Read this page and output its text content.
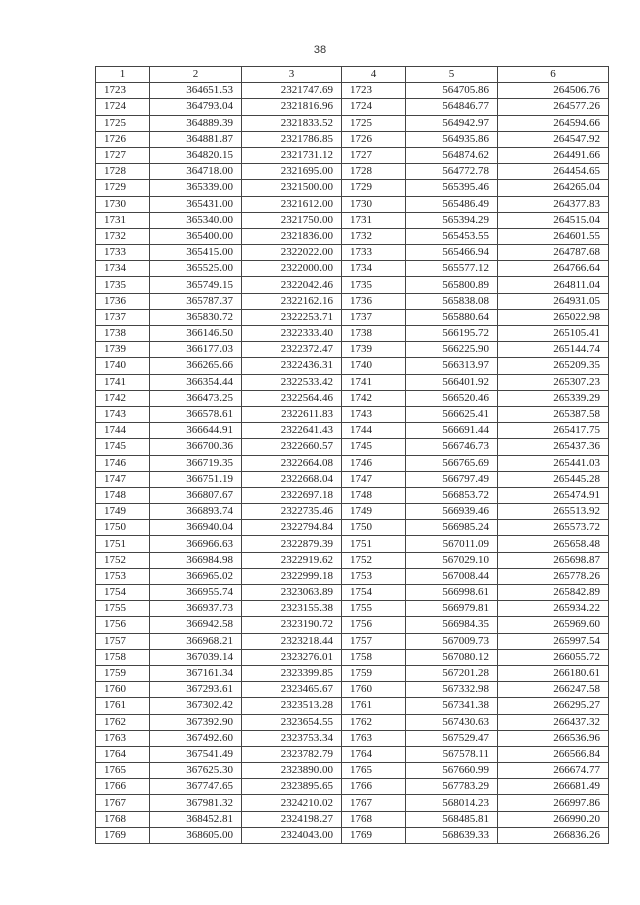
38
1	2	3	4	5	6
1723	364651.53	2321747.69	1723	564705.86	264506.76
1724	364793.04	2321816.96	1724	564846.77	264577.26
1725	364889.39	2321833.52	1725	564942.97	264594.66
1726	364881.87	2321786.85	1726	564935.86	264547.92
1727	364820.15	2321731.12	1727	564874.62	264491.66
1728	364718.00	2321695.00	1728	564772.78	264454.65
1729	365339.00	2321500.00	1729	565395.46	264265.04
1730	365431.00	2321612.00	1730	565486.49	264377.83
1731	365340.00	2321750.00	1731	565394.29	264515.04
1732	365400.00	2321836.00	1732	565453.55	264601.55
1733	365415.00	2322022.00	1733	565466.94	264787.68
1734	365525.00	2322000.00	1734	565577.12	264766.64
1735	365749.15	2322042.46	1735	565800.89	264811.04
1736	365787.37	2322162.16	1736	565838.08	264931.05
1737	365830.72	2322253.71	1737	565880.64	265022.98
1738	366146.50	2322333.40	1738	566195.72	265105.41
1739	366177.03	2322372.47	1739	566225.90	265144.74
1740	366265.66	2322436.31	1740	566313.97	265209.35
1741	366354.44	2322533.42	1741	566401.92	265307.23
1742	366473.25	2322564.46	1742	566520.46	265339.29
1743	366578.61	2322611.83	1743	566625.41	265387.58
1744	366644.91	2322641.43	1744	566691.44	265417.75
1745	366700.36	2322660.57	1745	566746.73	265437.36
1746	366719.35	2322664.08	1746	566765.69	265441.03
1747	366751.19	2322668.04	1747	566797.49	265445.28
1748	366807.67	2322697.18	1748	566853.72	265474.91
1749	366893.74	2322735.46	1749	566939.46	265513.92
1750	366940.04	2322794.84	1750	566985.24	265573.72
1751	366966.63	2322879.39	1751	567011.09	265658.48
1752	366984.98	2322919.62	1752	567029.10	265698.87
1753	366965.02	2322999.18	1753	567008.44	265778.26
1754	366955.74	2323063.89	1754	566998.61	265842.89
1755	366937.73	2323155.38	1755	566979.81	265934.22
1756	366942.58	2323190.72	1756	566984.35	265969.60
1757	366968.21	2323218.44	1757	567009.73	265997.54
1758	367039.14	2323276.01	1758	567080.12	266055.72
1759	367161.34	2323399.85	1759	567201.28	266180.61
1760	367293.61	2323465.67	1760	567332.98	266247.58
1761	367302.42	2323513.28	1761	567341.38	266295.27
1762	367392.90	2323654.55	1762	567430.63	266437.32
1763	367492.60	2323753.34	1763	567529.47	266536.96
1764	367541.49	2323782.79	1764	567578.11	266566.84
1765	367625.30	2323890.00	1765	567660.99	266674.77
1766	367747.65	2323895.65	1766	567783.29	266681.49
1767	367981.32	2324210.02	1767	568014.23	266997.86
1768	368452.81	2324198.27	1768	568485.81	266990.20
1769	368605.00	2324043.00	1769	568639.33	266836.26
